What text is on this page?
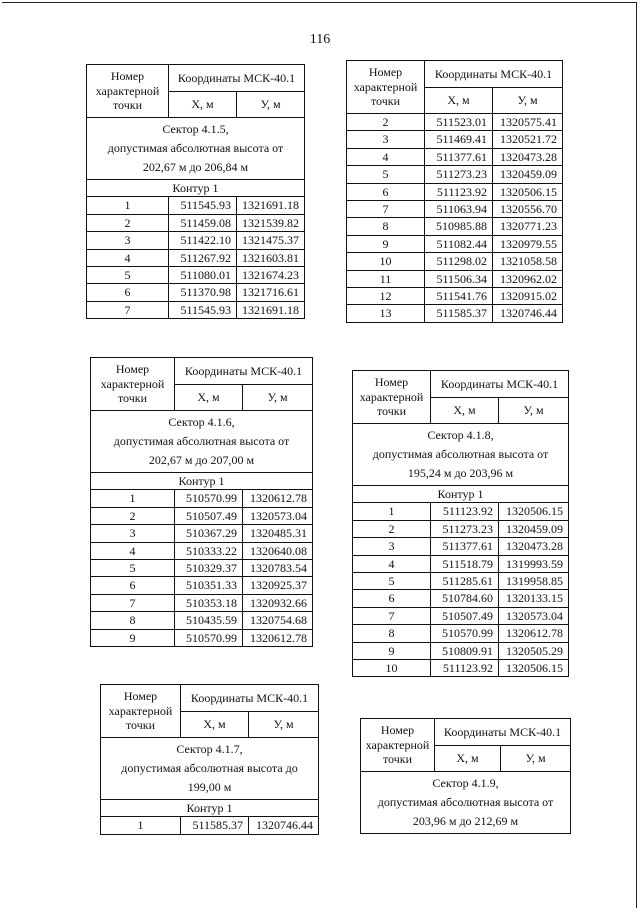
116
Номер характерной точки	Координаты МСК-40.1	
	Х, м	У, м
Сектор 4.1.5,
допустимая абсолютная высота от
202,67 м до 206,84 м		
Контур 1		
1	511545.93	1321691.18
2	511459.08	1321539.82
3	511422.10	1321475.37
4	511267.92	1321603.81
5	511080.01	1321674.23
6	511370.98	1321716.61
7	511545.93	1321691.18
Номер характерной точки	Координаты МСК-40.1	
	Х, м	У, м
2	511523.01	1320575.41
3	511469.41	1320521.72
4	511377.61	1320473.28
5	511273.23	1320459.09
6	511123.92	1320506.15
7	511063.94	1320556.70
8	510985.88	1320771.23
9	511082.44	1320979.55
10	511298.02	1321058.58
11	511506.34	1320962.02
12	511541.76	1320915.02
13	511585.37	1320746.44
Номер характерной точки	Координаты МСК-40.1	
	Х, м	У, м
Сектор 4.1.6,
допустимая абсолютная высота от
202,67 м до 207,00 м		
Контур 1		
1	510570.99	1320612.78
2	510507.49	1320573.04
3	510367.29	1320485.31
4	510333.22	1320640.08
5	510329.37	1320783.54
6	510351.33	1320925.37
7	510353.18	1320932.66
8	510435.59	1320754.68
9	510570.99	1320612.78
Номер характерной точки	Координаты МСК-40.1	
	Х, м	У, м
Сектор 4.1.8,
допустимая абсолютная высота от
195,24 м до 203,96 м		
Контур 1		
1	511123.92	1320506.15
2	511273.23	1320459.09
3	511377.61	1320473.28
4	511518.79	1319993.59
5	511285.61	1319958.85
6	510784.60	1320133.15
7	510507.49	1320573.04
8	510570.99	1320612.78
9	510809.91	1320505.29
10	511123.92	1320506.15
Номер характерной точки	Координаты МСК-40.1	
	Х, м	У, м
Сектор 4.1.7,
допустимая абсолютная высота до
199,00 м		
Контур 1		
1	511585.37	1320746.44
Номер характерной точки	Координаты МСК-40.1	
	Х, м	У, м
Сектор 4.1.9,
допустимая абсолютная высота от
203,96 м до 212,69 м		
